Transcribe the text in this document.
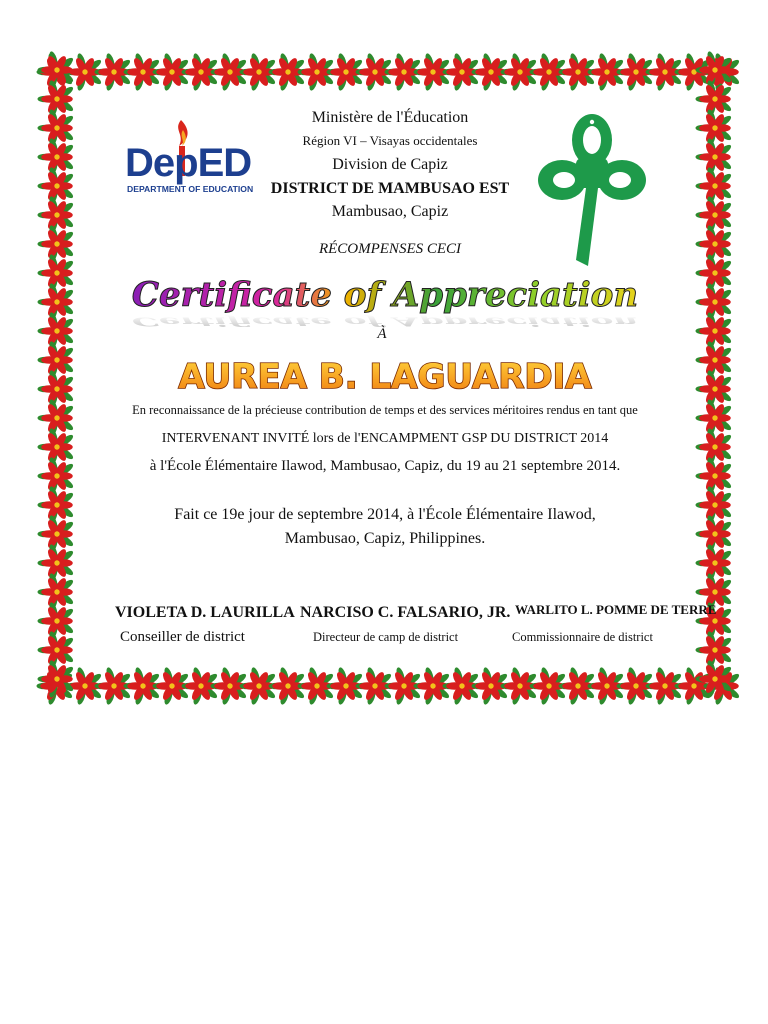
DepED
DEPARTMENT OF EDUCATION
Ministère de l'Éducation
Région VI – Visayas occidentales
Division de Capiz
DISTRICT DE MAMBUSAO EST
Mambusao, Capiz
RÉCOMPENSES CECI
Certificate of Appreciation
Certificate of Appreciation
À
AUREA B. LAGUARDIA
En reconnaissance de la précieuse contribution de temps et des services méritoires rendus en tant que
INTERVENANT INVITÉ lors de l'ENCAMPMENT GSP DU DISTRICT 2014
à l'École Élémentaire Ilawod, Mambusao, Capiz, du 19 au 21 septembre 2014.
Fait ce 19e jour de septembre 2014, à l'École Élémentaire Ilawod,
Mambusao, Capiz, Philippines.
VIOLETA D. LAURILLA
Conseiller de district
NARCISO C. FALSARIO, JR.
Directeur de camp de district
WARLITO L. POMME DE TERRE
Commissionnaire de district
